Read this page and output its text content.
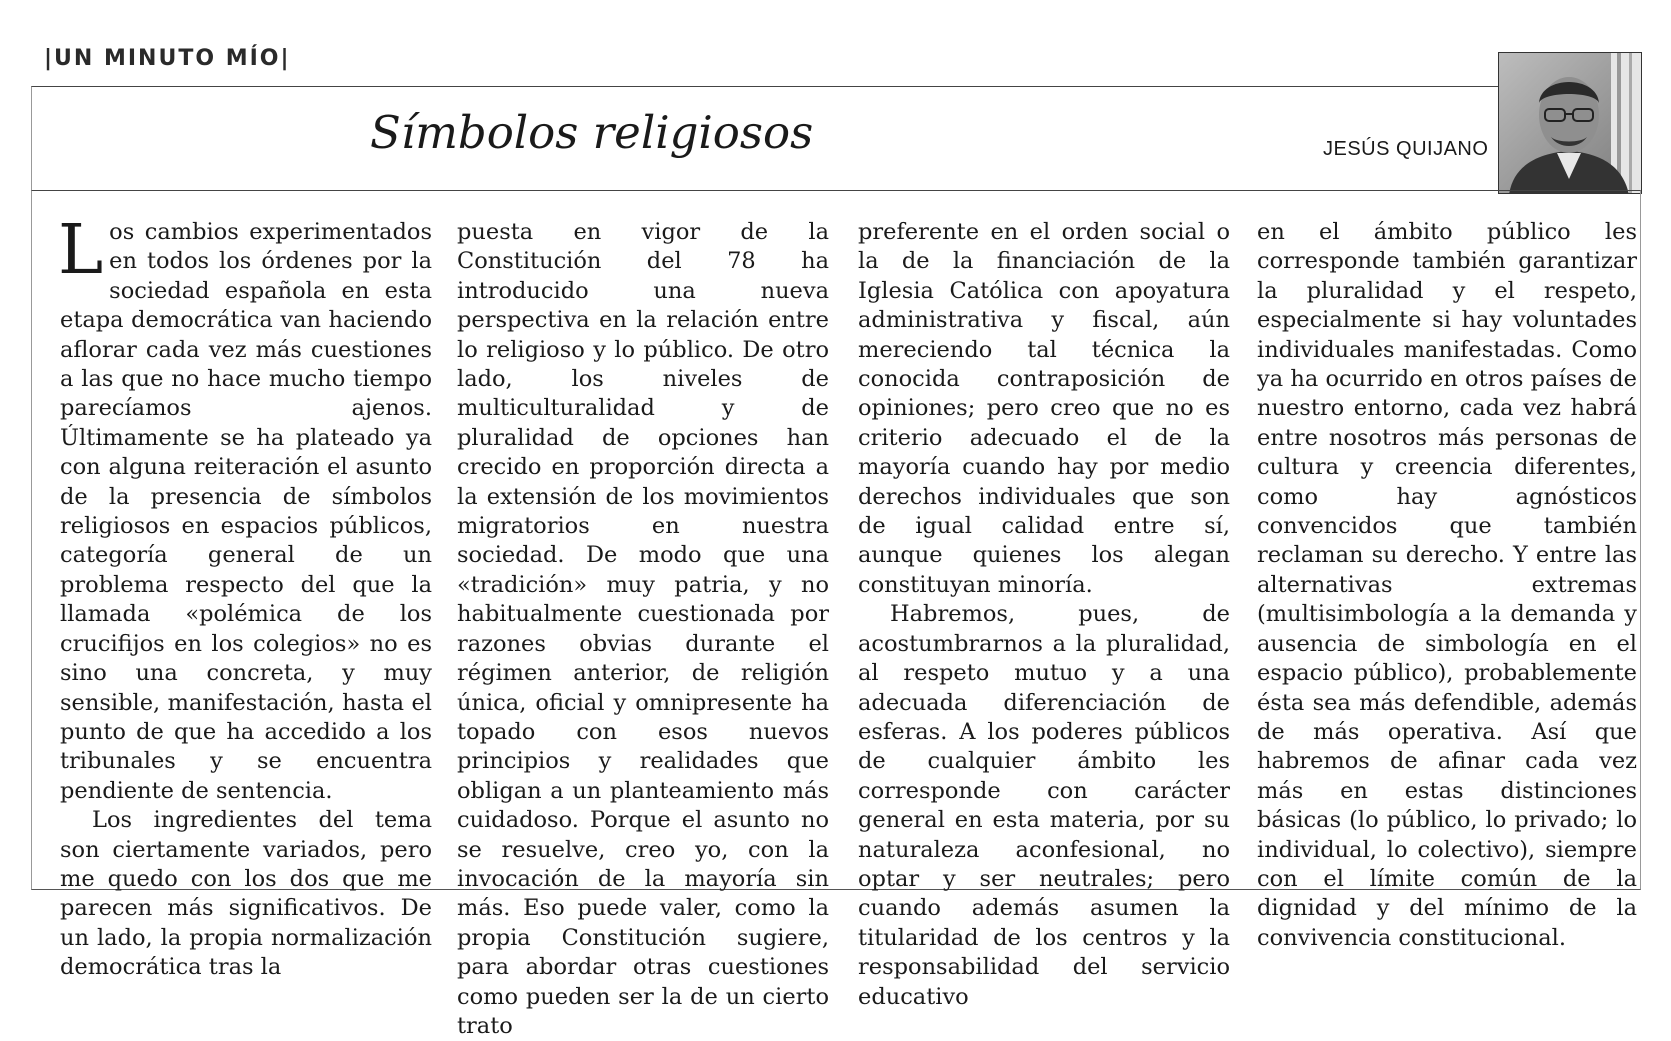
|UN MINUTO MÍO|
Símbolos religiosos	JESÚS QUIJANO

Los cambios experimentados en todos los órdenes por la sociedad española en esta etapa democrática van haciendo aflorar cada vez más cuestiones a las que no hace mucho tiempo parecíamos ajenos. Últimamente se ha plateado ya con alguna reiteración el asunto de la presencia de símbolos religiosos en espacios públicos, categoría general de un problema respecto del que la llamada «polémica de los crucifijos en los colegios» no es sino una concreta, y muy sensible, manifestación, hasta el punto de que ha accedido a los tribunales y se encuentra pendiente de sentencia.

Los ingredientes del tema son ciertamente variados, pero me quedo con los dos que me parecen más significativos. De un lado, la propia normalización democrática tras la

puesta en vigor de la Constitución del 78 ha introducido una nueva perspectiva en la relación entre lo religioso y lo público. De otro lado, los niveles de multiculturalidad y de pluralidad de opciones han crecido en proporción directa a la extensión de los movimientos migratorios en nuestra sociedad. De modo que una «tradición» muy patria, y no habitualmente cuestionada por razones obvias durante el régimen anterior, de religión única, oficial y omnipresente ha topado con esos nuevos principios y realidades que obligan a un planteamiento más cuidadoso. Porque el asunto no se resuelve, creo yo, con la invocación de la mayoría sin más. Eso puede valer, como la propia Constitución sugiere, para abordar otras cuestiones como pueden ser la de un cierto trato

preferente en el orden social o la de la financiación de la Iglesia Católica con apoyatura administrativa y fiscal, aún mereciendo tal técnica la conocida contraposición de opiniones; pero creo que no es criterio adecuado el de la mayoría cuando hay por medio derechos individuales que son de igual calidad entre sí, aunque quienes los alegan constituyan minoría.

Habremos, pues, de acostumbrarnos a la pluralidad, al respeto mutuo y a una adecuada diferenciación de esferas. A los poderes públicos de cualquier ámbito les corresponde con carácter general en esta materia, por su naturaleza aconfesional, no optar y ser neutrales; pero cuando además asumen la titularidad de los centros y la responsabilidad del servicio educativo

en el ámbito público les corresponde también garantizar la pluralidad y el respeto, especialmente si hay voluntades individuales manifestadas. Como ya ha ocurrido en otros países de nuestro entorno, cada vez habrá entre nosotros más personas de cultura y creencia diferentes, como hay agnósticos convencidos que también reclaman su derecho. Y entre las alternativas extremas (multisimbología a la demanda y ausencia de simbología en el espacio público), probablemente ésta sea más defendible, además de más operativa. Así que habremos de afinar cada vez más en estas distinciones básicas (lo público, lo privado; lo individual, lo colectivo), siempre con el límite común de la dignidad y del mínimo de la convivencia constitucional.
